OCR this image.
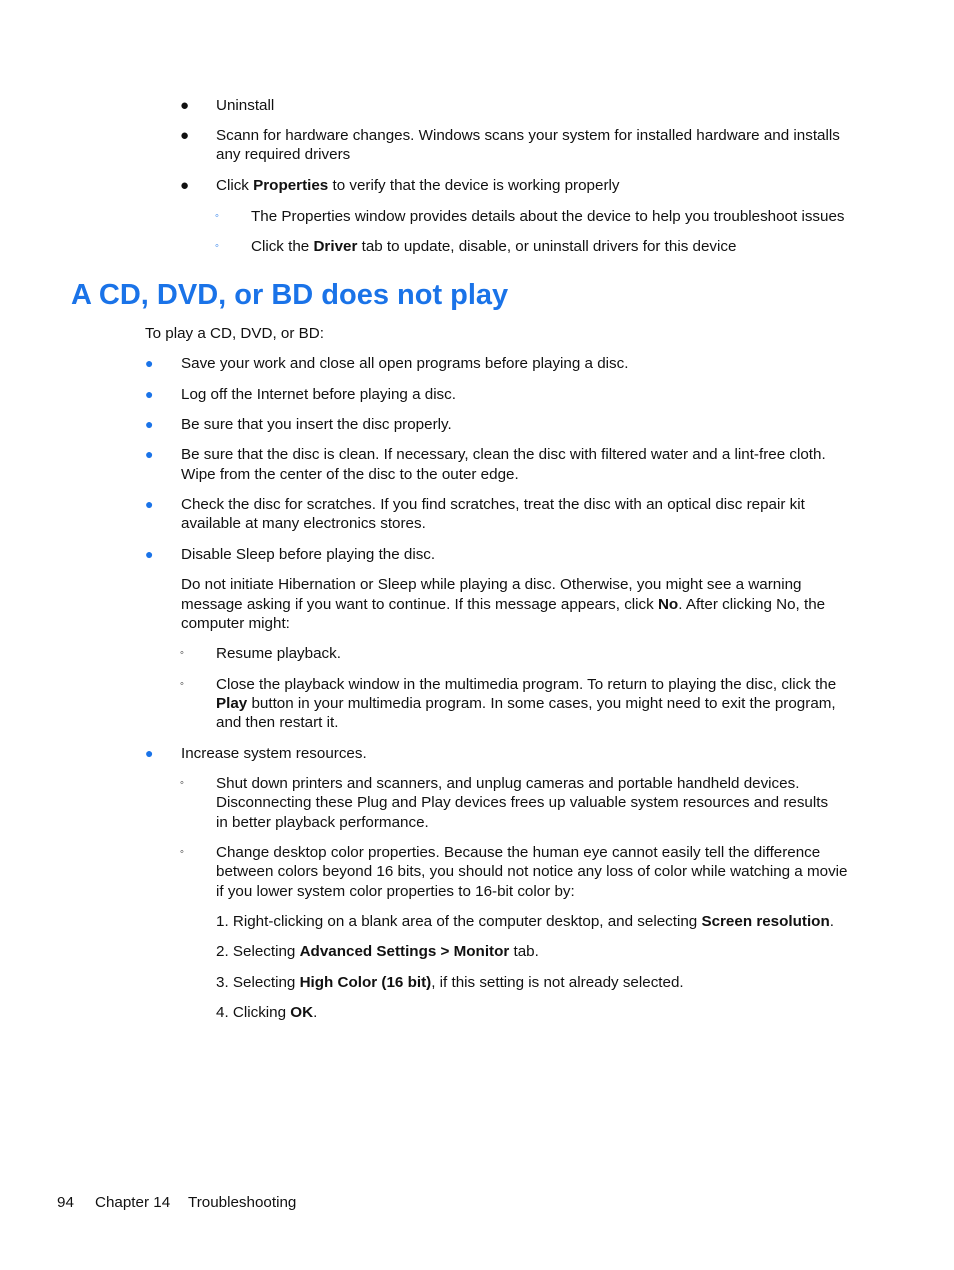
● Uninstall
● Scann for hardware changes. Windows scans your system for installed hardware and installs
any required drivers
● Click Properties to verify that the device is working properly
◦ The Properties window provides details about the device to help you troubleshoot issues
◦ Click the Driver tab to update, disable, or uninstall drivers for this device
A CD, DVD, or BD does not play
To play a CD, DVD, or BD:
● Save your work and close all open programs before playing a disc.
● Log off the Internet before playing a disc.
● Be sure that you insert the disc properly.
● Be sure that the disc is clean. If necessary, clean the disc with filtered water and a lint-free cloth.
Wipe from the center of the disc to the outer edge.
● Check the disc for scratches. If you find scratches, treat the disc with an optical disc repair kit
available at many electronics stores.
● Disable Sleep before playing the disc.
Do not initiate Hibernation or Sleep while playing a disc. Otherwise, you might see a warning
message asking if you want to continue. If this message appears, click No. After clicking No, the
computer might:
◦ Resume playback.
◦ Close the playback window in the multimedia program. To return to playing the disc, click the
Play button in your multimedia program. In some cases, you might need to exit the program,
and then restart it.
● Increase system resources.
◦ Shut down printers and scanners, and unplug cameras and portable handheld devices.
Disconnecting these Plug and Play devices frees up valuable system resources and results
in better playback performance.
◦ Change desktop color properties. Because the human eye cannot easily tell the difference
between colors beyond 16 bits, you should not notice any loss of color while watching a movie
if you lower system color properties to 16-bit color by:
1. Right-clicking on a blank area of the computer desktop, and selecting Screen resolution.
2. Selecting Advanced Settings > Monitor tab.
3. Selecting High Color (16 bit), if this setting is not already selected.
4. Clicking OK.
94 Chapter 14 Troubleshooting
